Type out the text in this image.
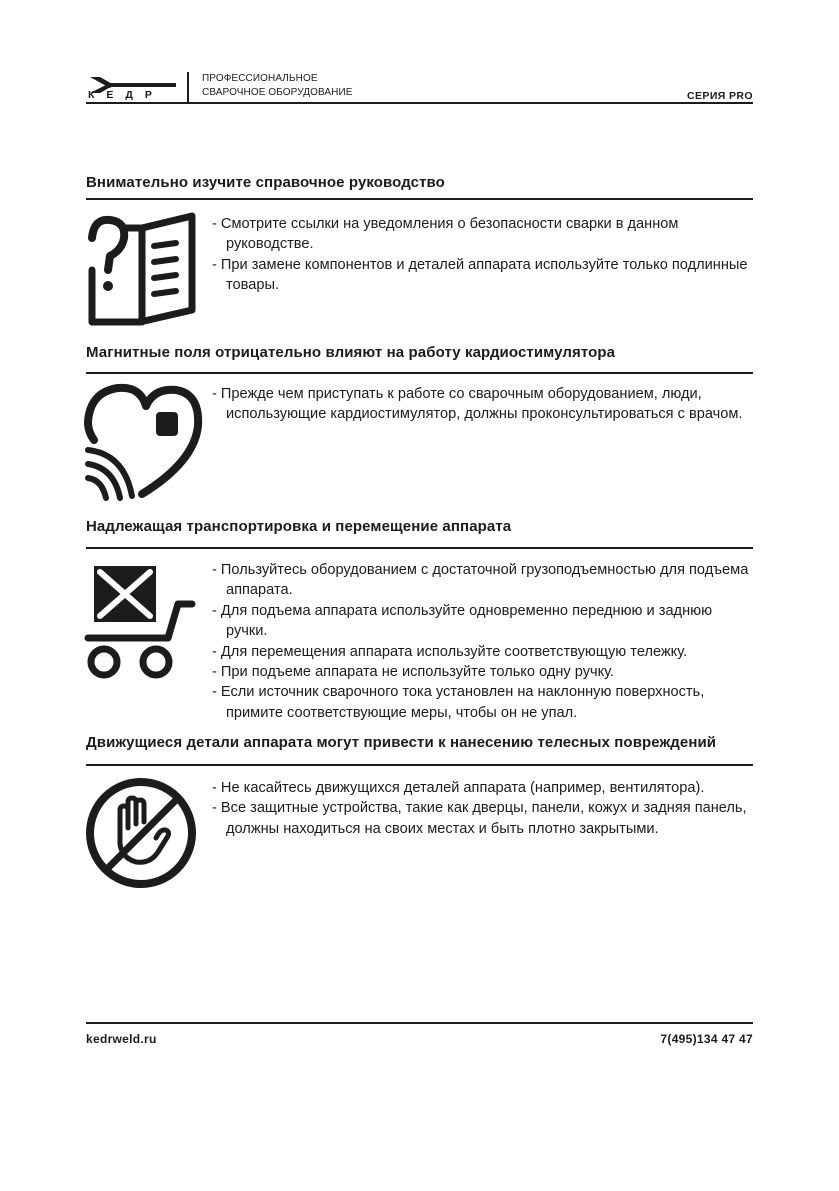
КЕДР
ПРОФЕССИОНАЛЬНОЕ
СВАРОЧНОЕ ОБОРУДОВАНИЕ	СЕРИЯ PRO
Внимательно изучите справочное руководство
- Смотрите ссылки на уведомления о безопасности сварки в данном руководстве.
- При замене компонентов и деталей аппарата используйте только подлинные товары.
Магнитные поля отрицательно влияют на работу кардиостимулятора
- Прежде чем приступать к работе со сварочным оборудованием, люди, использующие кардиостимулятор, должны проконсультироваться с врачом.
Надлежащая транспортировка и перемещение аппарата
- Пользуйтесь оборудованием с достаточной грузоподъемностью для подъема аппарата.
- Для подъема аппарата используйте одновременно переднюю и заднюю ручки.
- Для перемещения аппарата используйте соответствующую тележку.
- При подъеме аппарата не используйте только одну ручку.
- Если источник сварочного тока установлен на наклонную поверхность, примите соответствующие меры, чтобы он не упал.
Движущиеся детали аппарата могут привести к нанесению телесных повреждений
- Не касайтесь движущихся деталей аппарата (например, вентилятора).
- Все защитные устройства, такие как дверцы, панели, кожух и задняя панель, должны находиться на своих местах и быть плотно закрытыми.
kedrweld.ru	7(495)134 47 47
